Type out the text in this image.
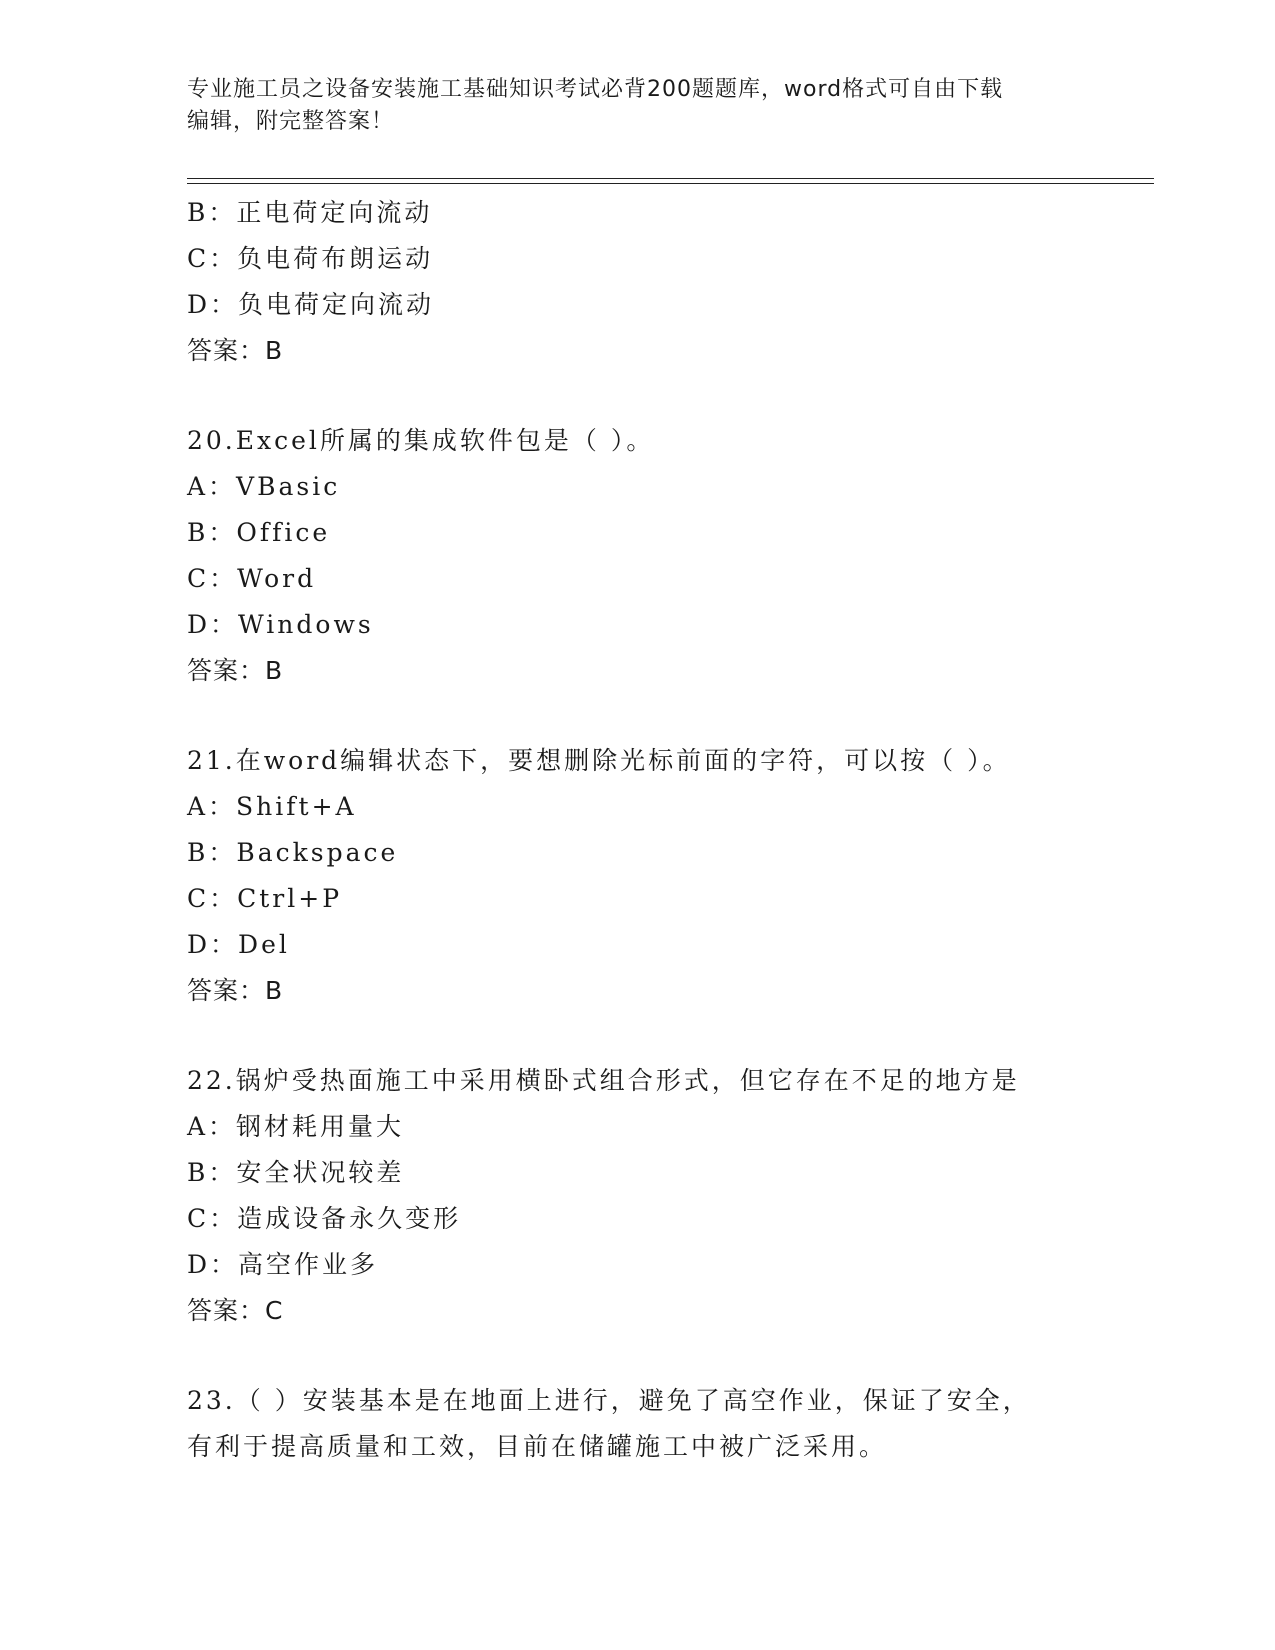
专业施工员之设备安装施工基础知识考试必背200题题库，word格式可自由下载
编辑，附完整答案！
B：正电荷定向流动
C：负电荷布朗运动
D：负电荷定向流动
答案：B
20.Excel所属的集成软件包是（ ）。
A：VBasic
B：Office
C：Word
D：Windows
答案：B
21.在word编辑状态下，要想删除光标前面的字符，可以按（ ）。
A：Shift+A
B：Backspace
C：Ctrl+P
D：Del
答案：B
22.锅炉受热面施工中采用横卧式组合形式，但它存在不足的地方是
A：钢材耗用量大
B：安全状况较差
C：造成设备永久变形
D：高空作业多
答案：C
23.（ ）安装基本是在地面上进行，避免了高空作业，保证了安全，
有利于提高质量和工效，目前在储罐施工中被广泛采用。
